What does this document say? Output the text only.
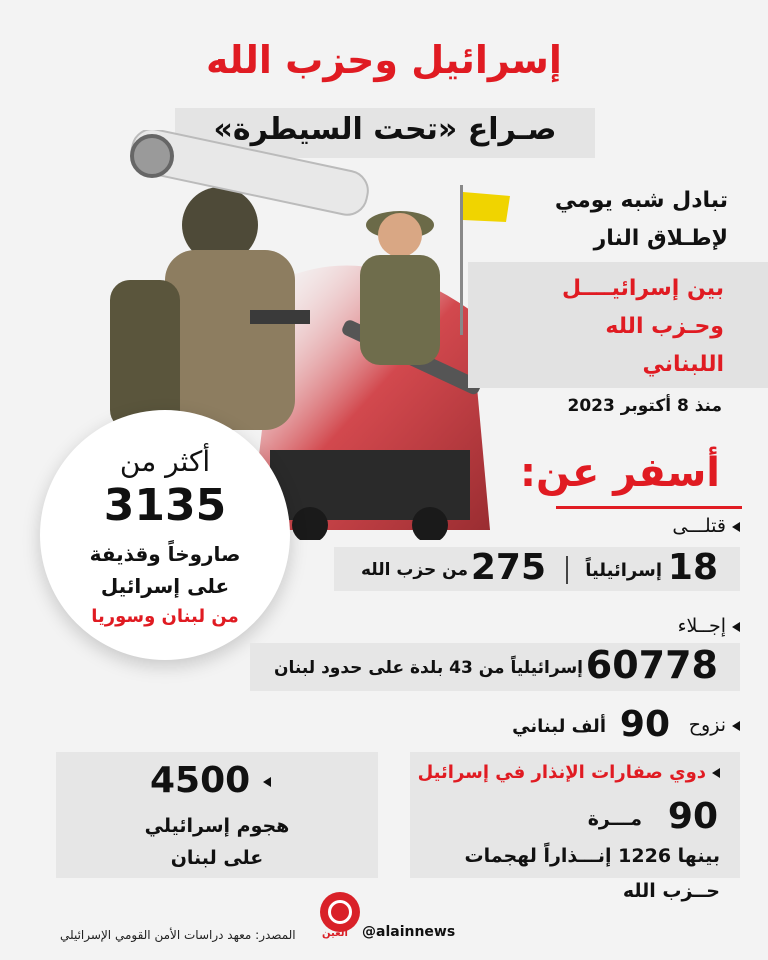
إسرائيل وحزب الله
صـراع «تحت السيطرة»
تبادل شبه يومي
لإطـلاق النار
بين إسرائيــــل
وحـزب الله
اللبناني
منذ 8 أكتوبر 2023
أسفر عن:
أكثر من
3135
صاروخاً وقذيفة
على إسرائيل
من لبنان وسوريا
قتلـــى
18
إسرائيلياً
275
من حزب الله
إجــلاء
60778
إسرائيلياً من 43 بلدة على حدود لبنان
نزوح
90
ألف لبناني
دوي صفارات الإنذار في إسرائيل
90
مـــرة
بينها 1226 إنـــذاراً لهجمات
حــزب الله
4500
هجوم إسرائيلي
على لبنان
المصدر: معهد دراسات الأمن القومي الإسرائيلي	العين @alainnews
